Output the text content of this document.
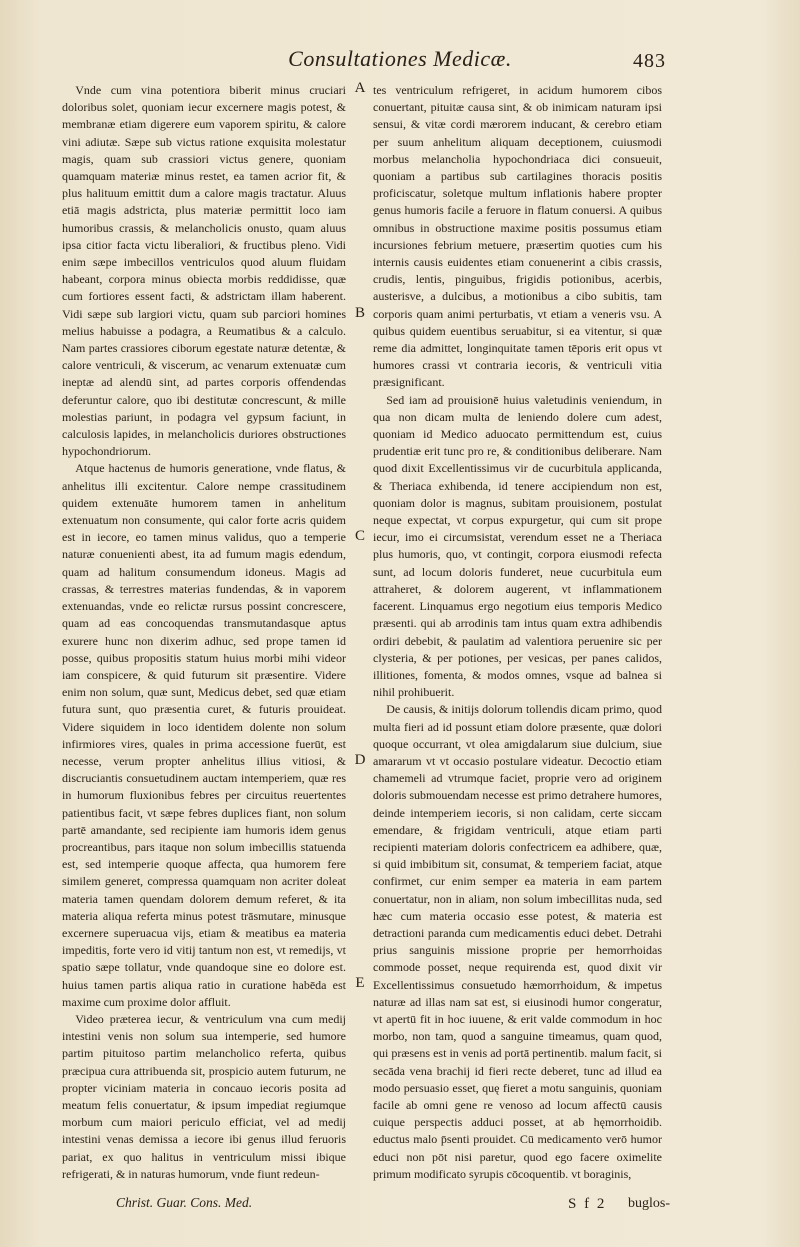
Consultationes Medicæ.	483

Vnde cum vina potentiora biberit minus cruciari doloribus solet, quoniam iecur excernere magis potest, & membranæ etiam digerere eum vaporem spiritu, & calore vini adiutæ. Sæpe sub victus ratione exquisita molestatur magis, quam sub crassiori victus genere, quoniam quamquam materiæ minus restet, ea tamen acrior fit, & plus halituum emittit dum a calore magis tractatur. Aluus etiā magis adstricta, plus materiæ permittit loco iam humoribus crassis, & melancholicis onusto, quam aluus ipsa citior facta victu liberaliori, & fructibus pleno. Vidi enim sæpe imbecillos ventriculos quod aluum fluidam habeant, corpora minus obiecta morbis reddidisse, quæ cum fortiores essent facti, & adstrictam illam haberent. Vidi sæpe sub largiori victu, quam sub parciori homines melius habuisse a podagra, a Reumatibus & a calculo. Nam partes crassiores ciborum egestate naturæ detentæ, & calore ventriculi, & viscerum, ac venarum extenuatæ cum ineptæ ad alendū sint, ad partes corporis offendendas deferuntur calore, quo ibi destitutæ concrescunt, & mille molestias pariunt, in podagra vel gypsum faciunt, in calculosis lapides, in melancholicis duriores obstructiones hypochondriorum.

Atque hactenus de humoris generatione, vnde flatus, & anhelitus illi excitentur. Calore nempe crassitudinem quidem extenuāte humorem tamen in anhelitum extenuatum non consumente, qui calor forte acris quidem est in iecore, eo tamen minus validus, quo a temperie naturæ conuenienti abest, ita ad fumum magis edendum, quam ad halitum consumendum idoneus. Magis ad crassas, & terrestres materias fundendas, & in vaporem extenuandas, vnde eo relictæ rursus possint concrescere, quam ad eas concoquendas transmutandasque aptus exurere hunc non dixerim adhuc, sed prope tamen id posse, quibus propositis statum huius morbi mihi videor iam conspicere, & quid futurum sit præsentire. Videre enim non solum, quæ sunt, Medicus debet, sed quæ etiam futura sunt, quo præsentia curet, & futuris prouideat. Videre siquidem in loco identidem dolente non solum infirmiores vires, quales in prima accessione fuerūt, est necesse, verum propter anhelitus illius vitiosi, & discruciantis consuetudinem auctam intemperiem, quæ res in humorum fluxionibus febres per circuitus reuertentes patientibus facit, vt sæpe febres duplices fiant, non solum partē amandante, sed recipiente iam humoris idem genus procreantibus, pars itaque non solum imbecillis statuenda est, sed intemperie quoque affecta, qua humorem fere similem generet, compressa quamquam non acriter doleat materia tamen quendam dolorem demum referet, & ita materia aliqua referta minus potest trāsmutare, minusque excernere superuacua vijs, etiam & meatibus ea materia impeditis, forte vero id vitij tantum non est, vt remedijs, vt spatio sæpe tollatur, vnde quandoque sine eo dolore est. huius tamen partis aliqua ratio in curatione habēda est maxime cum proxime dolor affluit.

Video præterea iecur, & ventriculum vna cum medij intestini venis non solum sua intemperie, sed humore partim pituitoso partim melancholico referta, quibus præcipua cura attribuenda sit, prospicio autem futurum, ne propter viciniam materia in concauo iecoris posita ad meatum felis conuertatur, & ipsum impediat regiumque morbum cum maiori periculo efficiat, vel ad medij intestini venas demissa a iecore ibi genus illud feruoris pariat, ex quo halitus in ventriculum missi ibique refrigerati, & in naturas humorum, vnde fiunt redeun-

A
B
C
D
E

tes ventriculum refrigeret, in acidum humorem cibos conuertant, pituitæ causa sint, & ob inimicam naturam ipsi sensui, & vitæ cordi mærorem inducant, & cerebro etiam per suum anhelitum aliquam deceptionem, cuiusmodi morbus melancholia hypochondriaca dici consueuit, quoniam a partibus sub cartilagines thoracis positis proficiscatur, soletque multum inflationis habere propter genus humoris facile a feruore in flatum conuersi. A quibus omnibus in obstructione maxime positis possumus etiam incursiones febrium metuere, præsertim quoties cum his internis causis euidentes etiam conuenerint a cibis crassis, crudis, lentis, pinguibus, frigidis potionibus, acerbis, austerisve, a dulcibus, a motionibus a cibo subitis, tam corporis quam animi perturbatis, vt etiam a veneris vsu. A quibus quidem euentibus seruabitur, si ea vitentur, si quæ reme dia admittet, longinquitate tamen tēporis erit opus vt humores crassi vt contraria iecoris, & ventriculi vitia præsignificant.

Sed iam ad prouisionē huius valetudinis veniendum, in qua non dicam multa de leniendo dolere cum adest, quoniam id Medico aduocato permittendum est, cuius prudentiæ erit tunc pro re, & conditionibus deliberare. Nam quod dixit Excellentissimus vir de cucurbitula applicanda, & Theriaca exhibenda, id tenere accipiendum non est, quoniam dolor is magnus, subitam prouisionem, postulat neque expectat, vt corpus expurgetur, qui cum sit prope iecur, imo ei circumsistat, verendum esset ne a Theriaca plus humoris, quo, vt contingit, corpora eiusmodi refecta sunt, ad locum doloris funderet, neue cucurbitula eum attraheret, & dolorem augerent, vt inflammationem facerent. Linquamus ergo negotium eius temporis Medico præsenti. qui ab arrodinis tam intus quam extra adhibendis ordiri debebit, & paulatim ad valentiora peruenire sic per clysteria, & per potiones, per vesicas, per panes calidos, illitiones, fomenta, & modos omnes, vsque ad balnea si nihil prohibuerit.

De causis, & initijs dolorum tollendis dicam primo, quod multa fieri ad id possunt etiam dolore præsente, quæ dolori quoque occurrant, vt olea amigdalarum siue dulcium, siue amararum vt vt occasio postulare videatur. Decoctio etiam chamemeli ad vtrumque faciet, proprie vero ad originem doloris submouendam necesse est primo detrahere humores, deinde intemperiem iecoris, si non calidam, certe siccam emendare, & frigidam ventriculi, atque etiam parti recipienti materiam doloris confectricem ea adhibere, quæ, si quid imbibitum sit, consumat, & temperiem faciat, atque confirmet, cur enim semper ea materia in eam partem conuertatur, non in aliam, non solum imbecillitas nuda, sed hæc cum materia occasio esse potest, & materia est detractioni paranda cum medicamentis educi debet. Detrahi prius sanguinis missione proprie per hemorrhoidas commode posset, neque requirenda est, quod dixit vir Excellentissimus consuetudo hæmorrhoidum, & impetus naturæ ad illas nam sat est, si eiusinodi humor congeratur, vt apertū fit in hoc iuuene, & erit valde commodum in hoc morbo, non tam, quod a sanguine timeamus, quam quod, qui præsens est in venis ad portā pertinentib. malum facit, si secāda vena brachij id fieri recte deberet, tunc ad illud ea modo persuasio esset, quę fieret a motu sanguinis, quoniam facile ab omni gene re venoso ad locum affectū causis cuique perspectis adduci posset, at ab hęmorrhoidib. eductus malo p̄senti prouidet. Cū medicamento verō humor educi non pōt nisi paretur, quod ego facere oximelite primum modificato syrupis cōcoquentib. vt boraginis,

Christ. Guar. Cons. Med.	S f 2 buglos-
